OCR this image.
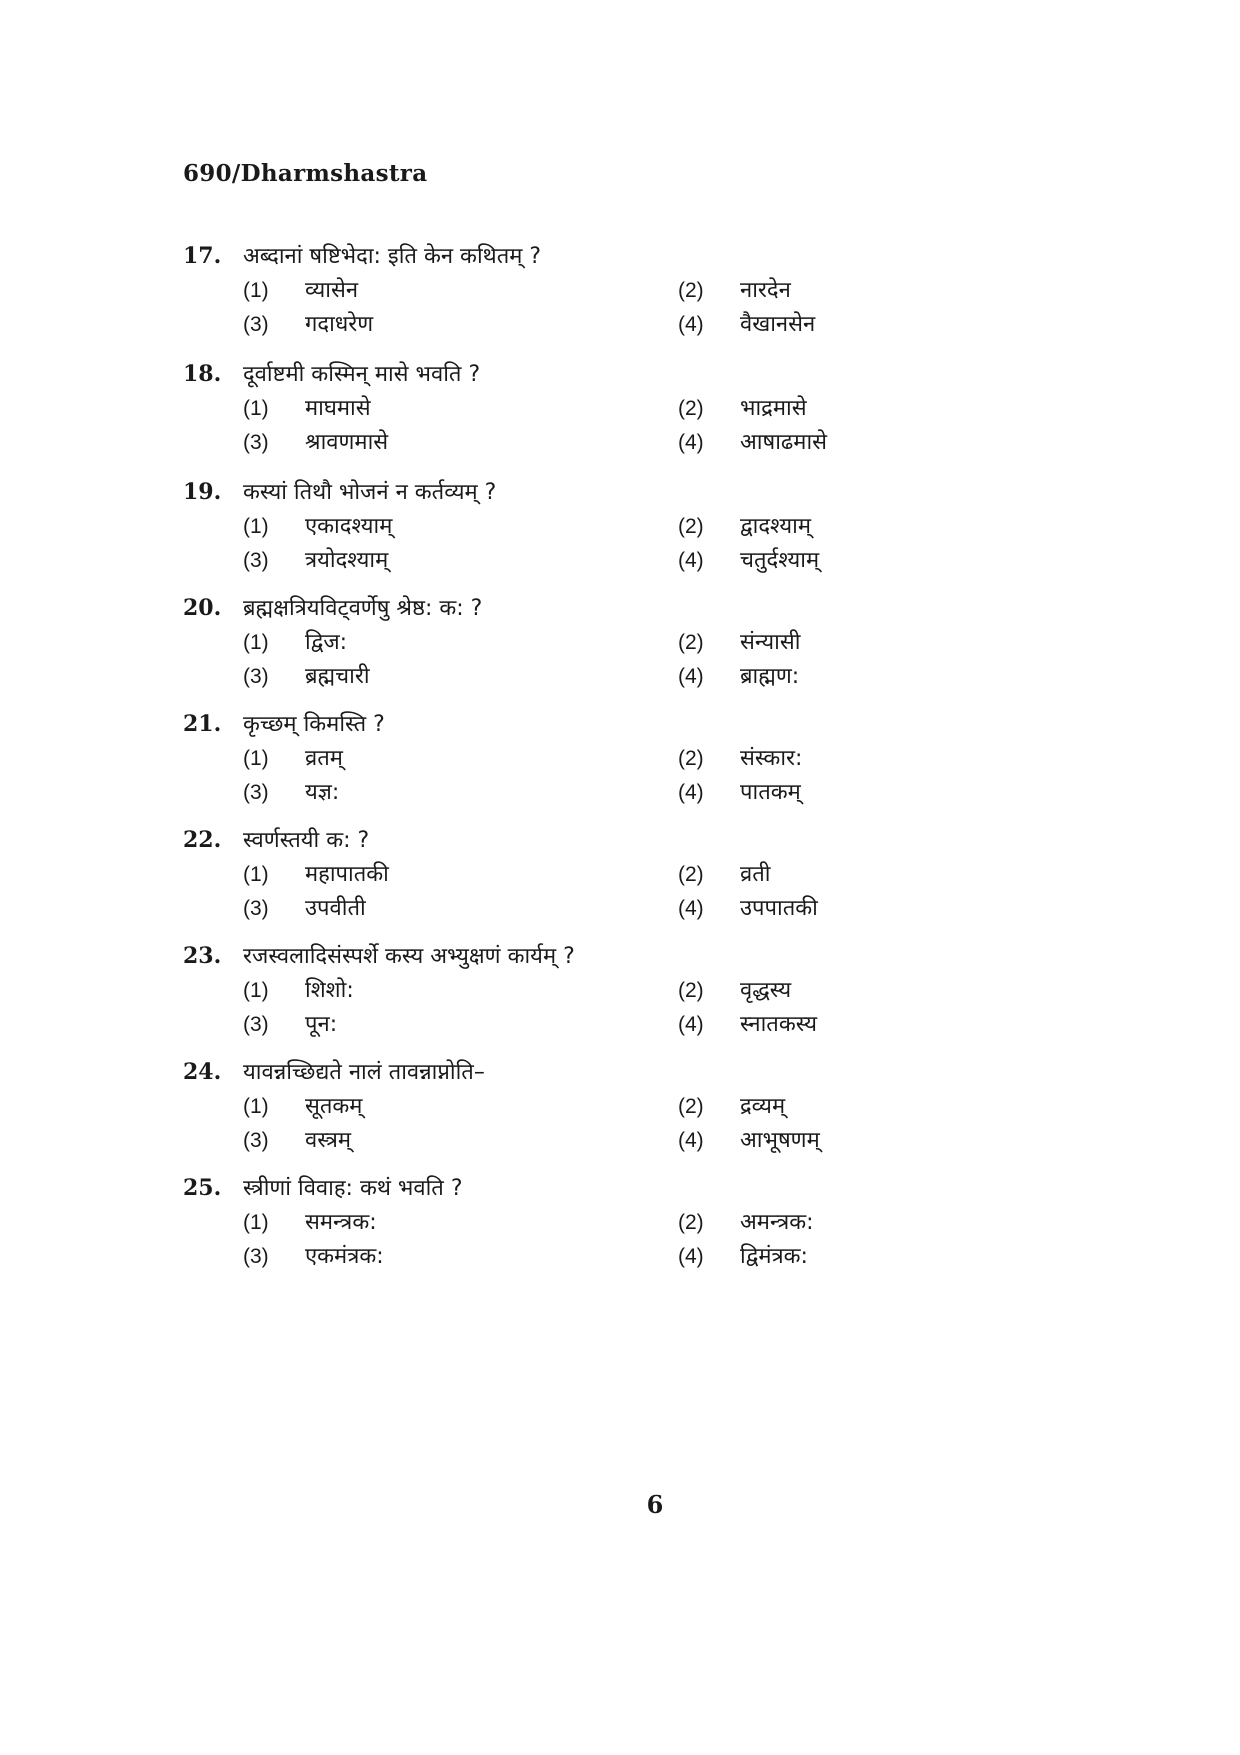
690/Dharmshastra
17. अब्दानां षष्टिभेदा: इति केन कथितम् ?
(1)	व्यासेन	(2)	नारदेन
(3)	गदाधरेण	(4)	वैखानसेन
18. दूर्वाष्टमी कस्मिन् मासे भवति ?
(1)	माघमासे	(2)	भाद्रमासे
(3)	श्रावणमासे	(4)	आषाढमासे
19. कस्यां तिथौ भोजनं न कर्तव्यम् ?
(1)	एकादश्याम्	(2)	द्वादश्याम्
(3)	त्रयोदश्याम्	(4)	चतुर्दश्याम्
20. ब्रह्मक्षत्रियविट्वर्णेषु श्रेष्ठ: क: ?
(1)	द्विज:	(2)	संन्यासी
(3)	ब्रह्मचारी	(4)	ब्राह्मण:
21. कृच्छम् किमस्ति ?
(1)	व्रतम्	(2)	संस्कार:
(3)	यज्ञ:	(4)	पातकम्
22. स्वर्णस्तयी क: ?
(1)	महापातकी	(2)	व्रती
(3)	उपवीती	(4)	उपपातकी
23. रजस्वलादिसंस्पर्शे कस्य अभ्युक्षणं कार्यम् ?
(1)	शिशो:	(2)	वृद्धस्य
(3)	पून:	(4)	स्नातकस्य
24. यावन्नच्छिद्यते नालं तावन्नाप्नोति–
(1)	सूतकम्	(2)	द्रव्यम्
(3)	वस्त्रम्	(4)	आभूषणम्
25. स्त्रीणां विवाह: कथं भवति ?
(1)	समन्त्रक:	(2)	अमन्त्रक:
(3)	एकमंत्रक:	(4)	द्विमंत्रक:
6
